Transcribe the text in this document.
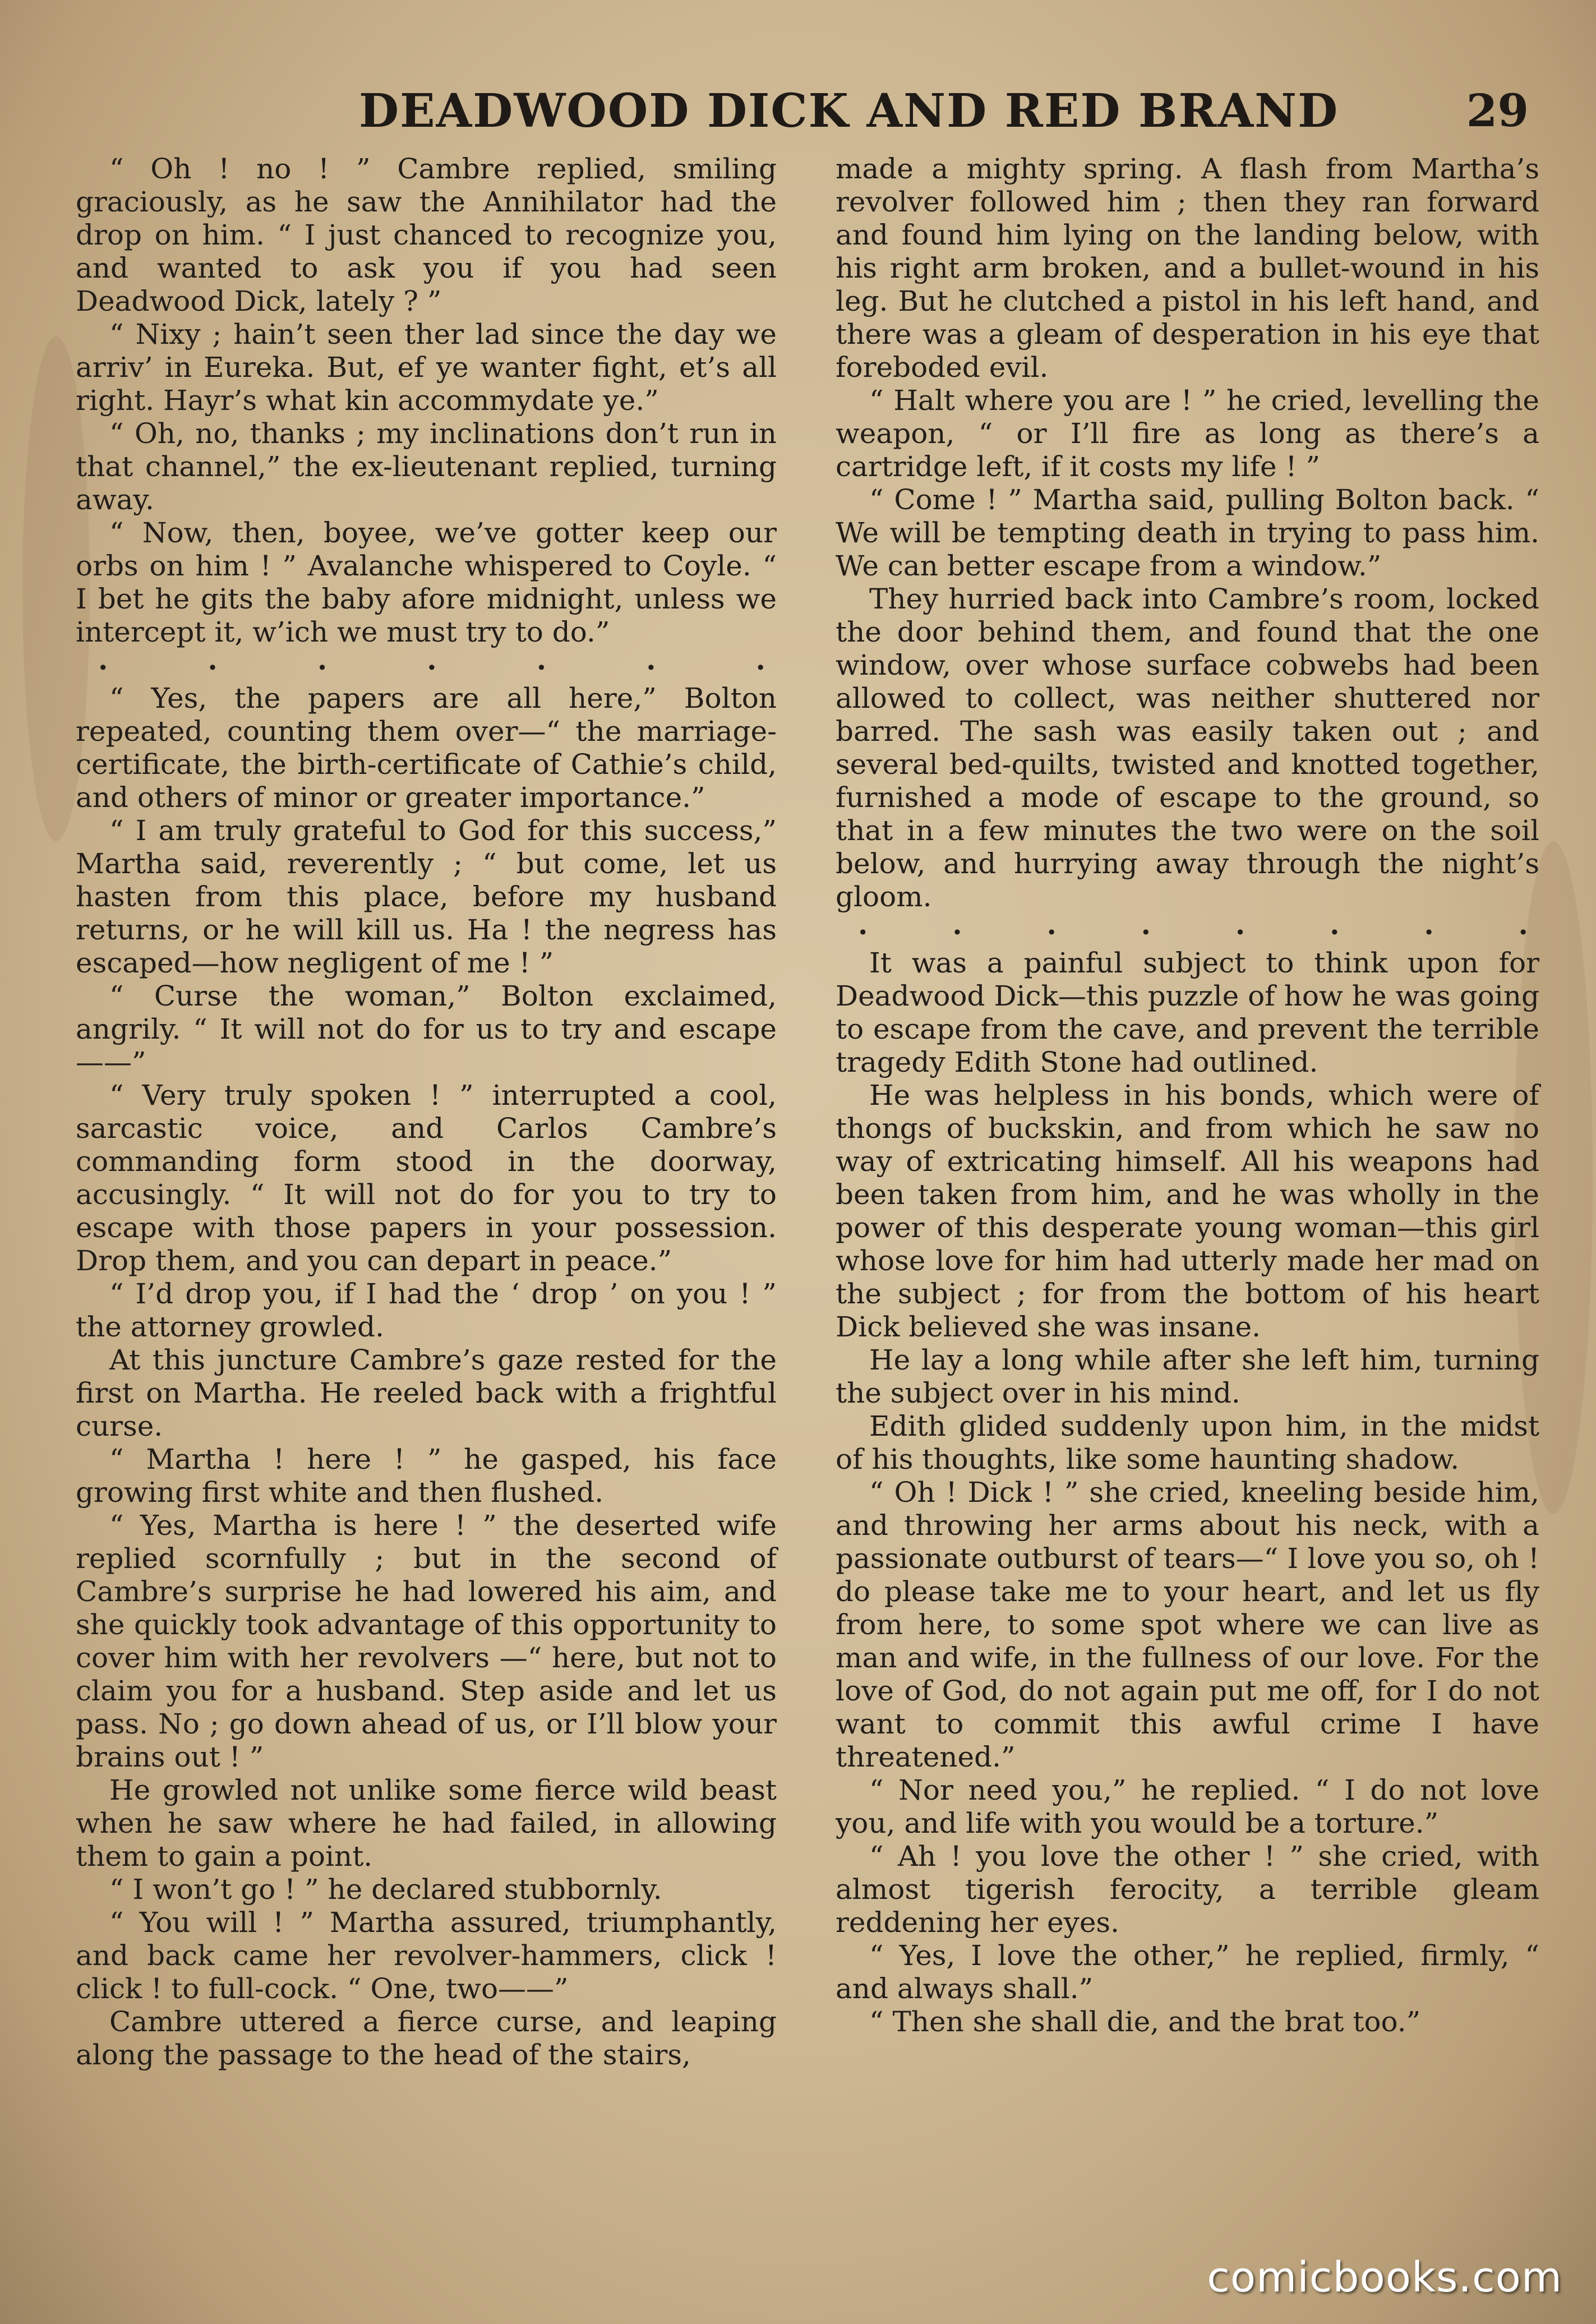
DEADWOOD DICK AND RED BRAND	29

“ Oh ! no ! ” Cambre replied, smiling graciously, as he saw the Annihilator had the drop on him. “ I just chanced to recognize you, and wanted to ask you if you had seen Deadwood Dick, lately ? ”

“ Nixy ; hain’t seen ther lad since the day we arriv’ in Eureka. But, ef ye wanter fight, et’s all right. Hayr’s what kin accommydate ye.”

“ Oh, no, thanks ; my inclinations don’t run in that channel,” the ex-lieutenant replied, turning away.

“ Now, then, boyee, we’ve gotter keep our orbs on him ! ” Avalanche whispered to Coyle. “ I bet he gits the baby afore midnight, unless we intercept it, w’ich we must try to do.”

.	.	.	.	.	.	.

“ Yes, the papers are all here,” Bolton repeated, counting them over—“ the marriage-certificate, the birth-certificate of Cathie’s child, and others of minor or greater importance.”

“ I am truly grateful to God for this success,” Martha said, reverently ; “ but come, let us hasten from this place, before my husband returns, or he will kill us. Ha ! the negress has escaped—how negligent of me ! ”

“ Curse the woman,” Bolton exclaimed, angrily. “ It will not do for us to try and escape——”

“ Very truly spoken ! ” interrupted a cool, sarcastic voice, and Carlos Cambre’s commanding form stood in the doorway, accusingly. “ It will not do for you to try to escape with those papers in your possession. Drop them, and you can depart in peace.”

“ I’d drop you, if I had the ‘ drop ’ on you ! ” the attorney growled.

At this juncture Cambre’s gaze rested for the first on Martha. He reeled back with a frightful curse.

“ Martha ! here ! ” he gasped, his face growing first white and then flushed.

“ Yes, Martha is here ! ” the deserted wife replied scornfully ; but in the second of Cambre’s surprise he had lowered his aim, and she quickly took advantage of this opportunity to cover him with her revolvers —“ here, but not to claim you for a husband. Step aside and let us pass. No ; go down ahead of us, or I’ll blow your brains out ! ”

He growled not unlike some fierce wild beast when he saw where he had failed, in allowing them to gain a point.

“ I won’t go ! ” he declared stubbornly.

“ You will ! ” Martha assured, triumphantly, and back came her revolver-hammers, click ! click ! to full-cock. “ One, two——”

Cambre uttered a fierce curse, and leaping along the passage to the head of the stairs,

made a mighty spring. A flash from Martha’s revolver followed him ; then they ran forward and found him lying on the landing below, with his right arm broken, and a bullet-wound in his leg. But he clutched a pistol in his left hand, and there was a gleam of desperation in his eye that foreboded evil.

“ Halt where you are ! ” he cried, levelling the weapon, “ or I’ll fire as long as there’s a cartridge left, if it costs my life ! ”

“ Come ! ” Martha said, pulling Bolton back. “ We will be tempting death in trying to pass him. We can better escape from a window.”

They hurried back into Cambre’s room, locked the door behind them, and found that the one window, over whose surface cobwebs had been allowed to collect, was neither shuttered nor barred. The sash was easily taken out ; and several bed-quilts, twisted and knotted together, furnished a mode of escape to the ground, so that in a few minutes the two were on the soil below, and hurrying away through the night’s gloom.

.	.	.	.	.	.	.	.

It was a painful subject to think upon for Deadwood Dick—this puzzle of how he was going to escape from the cave, and prevent the terrible tragedy Edith Stone had outlined.

He was helpless in his bonds, which were of thongs of buckskin, and from which he saw no way of extricating himself. All his weapons had been taken from him, and he was wholly in the power of this desperate young woman—this girl whose love for him had utterly made her mad on the subject ; for from the bottom of his heart Dick believed she was insane.

He lay a long while after she left him, turning the subject over in his mind.

Edith glided suddenly upon him, in the midst of his thoughts, like some haunting shadow.

“ Oh ! Dick ! ” she cried, kneeling beside him, and throwing her arms about his neck, with a passionate outburst of tears—“ I love you so, oh ! do please take me to your heart, and let us fly from here, to some spot where we can live as man and wife, in the fullness of our love. For the love of God, do not again put me off, for I do not want to commit this awful crime I have threatened.”

“ Nor need you,” he replied. “ I do not love you, and life with you would be a torture.”

“ Ah ! you love the other ! ” she cried, with almost tigerish ferocity, a terrible gleam reddening her eyes.

“ Yes, I love the other,” he replied, firmly, “ and always shall.”

“ Then she shall die, and the brat too.”

comicbooks.com
